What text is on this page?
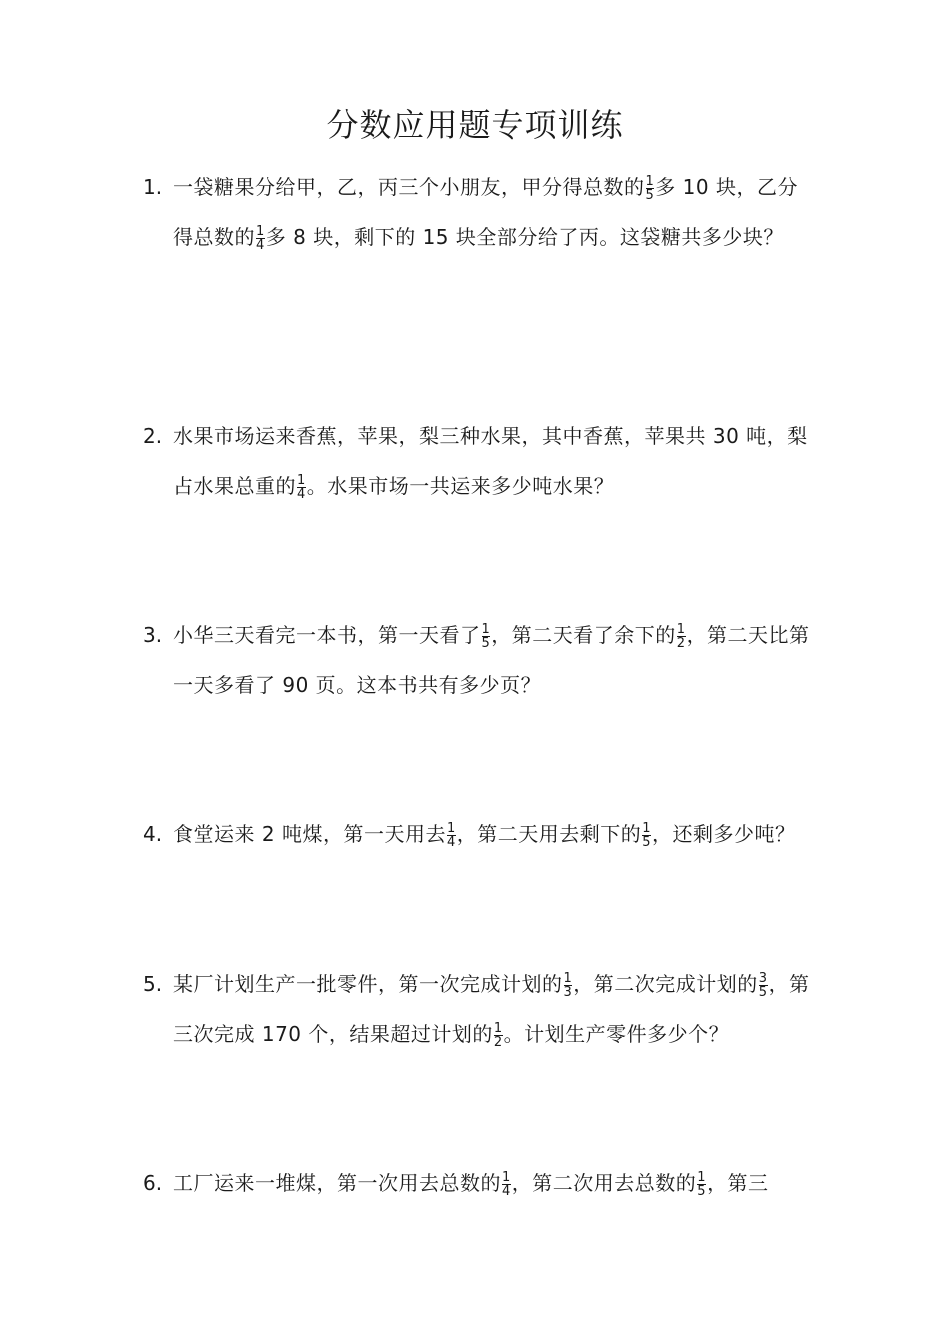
分数应用题专项训练
1. 一袋糖果分给甲，乙，丙三个小朋友，甲分得总数的 $\frac{1}{5}$ 多 10 块，乙分得总数的 $\frac{1}{4}$ 多 8 块，剩下的 15 块全部分给了丙。这袋糖共多少块？
2. 水果市场运来香蕉，苹果，梨三种水果，其中香蕉，苹果共 30 吨，梨占水果总重的 $\frac{1}{4}$ 。水果市场一共运来多少吨水果？
3. 小华三天看完一本书，第一天看了 $\frac{1}{5}$ ，第二天看了余下的 $\frac{1}{2}$ ，第二天比第一天多看了 90 页。这本书共有多少页？
4. 食堂运来 2 吨煤，第一天用去 $\frac{1}{4}$ ，第二天用去剩下的 $\frac{1}{5}$ ，还剩多少吨？
5. 某厂计划生产一批零件，第一次完成计划的 $\frac{1}{3}$ ，第二次完成计划的 $\frac{3}{5}$ ，第三次完成 170 个，结果超过计划的 $\frac{1}{2}$ 。计划生产零件多少个？
6. 工厂运来一堆煤，第一次用去总数的 $\frac{1}{4}$ ，第二次用去总数的 $\frac{1}{5}$ ，第三
